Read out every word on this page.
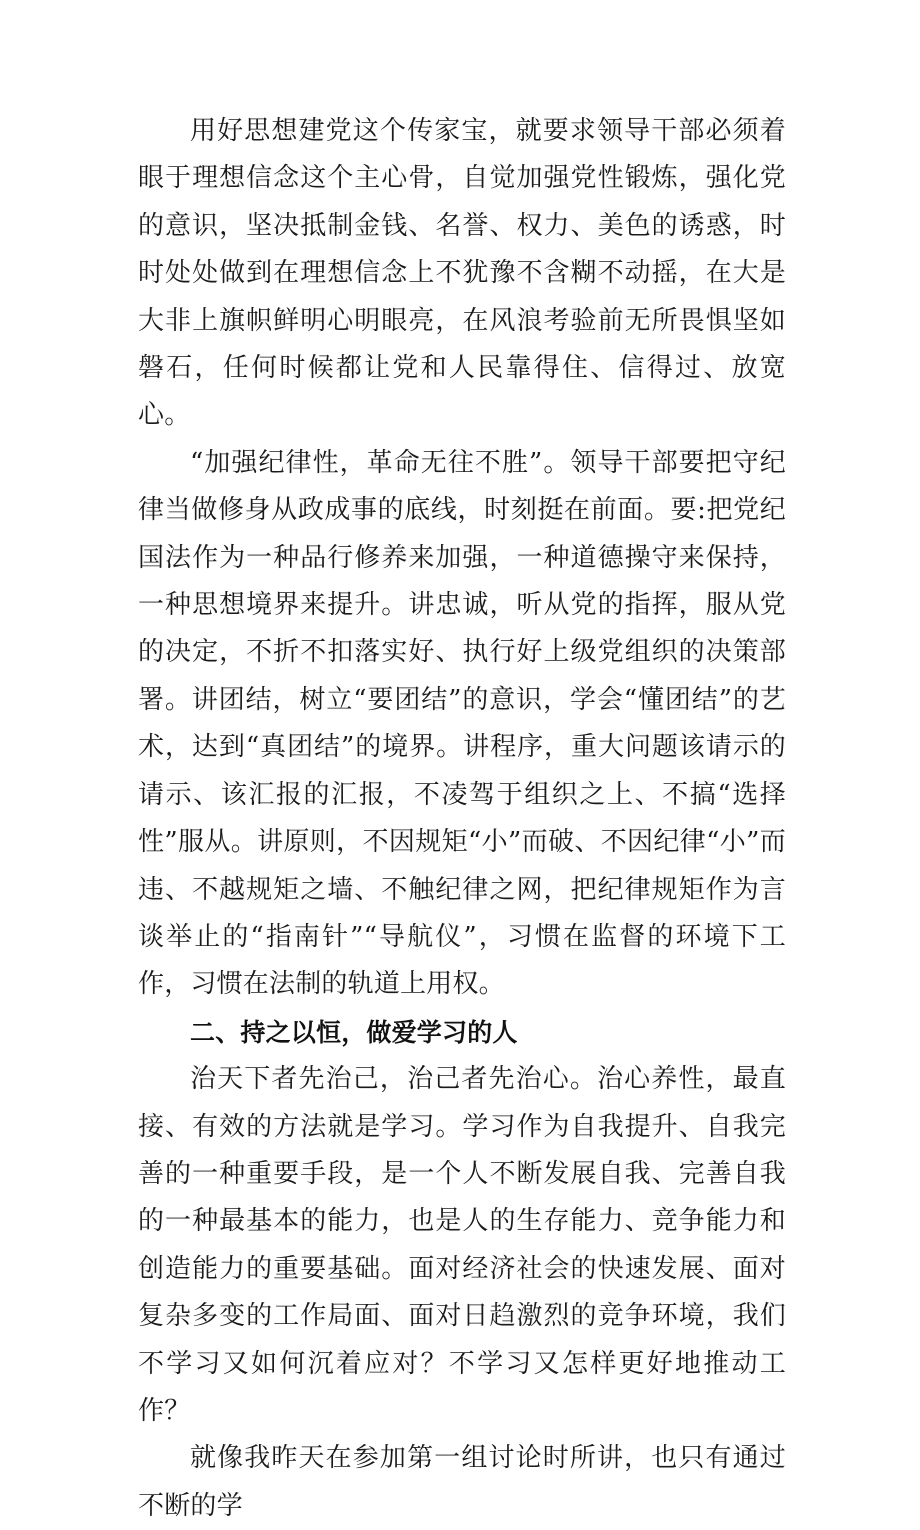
用好思想建党这个传家宝，就要求领导干部必须着眼于理想信念这个主心骨，自觉加强党性锻炼，强化党的意识，坚决抵制金钱、名誉、权力、美色的诱惑，时时处处做到在理想信念上不犹豫不含糊不动摇，在大是大非上旗帜鲜明心明眼亮，在风浪考验前无所畏惧坚如磐石，任何时候都让党和人民靠得住、信得过、放宽心。

“加强纪律性，革命无往不胜”。领导干部要把守纪律当做修身从政成事的底线，时刻挺在前面。要:把党纪国法作为一种品行修养来加强，一种道德操守来保持，一种思想境界来提升。讲忠诚，听从党的指挥，服从党的决定，不折不扣落实好、执行好上级党组织的决策部署。讲团结，树立“要团结”的意识，学会“懂团结”的艺术，达到“真团结”的境界。讲程序，重大问题该请示的请示、该汇报的汇报，不凌驾于组织之上、不搞“选择性”服从。讲原则，不因规矩“小”而破、不因纪律“小”而违、不越规矩之墙、不触纪律之网，把纪律规矩作为言谈举止的“指南针”“导航仪”，习惯在监督的环境下工作，习惯在法制的轨道上用权。

二、持之以恒，做爱学习的人

治天下者先治己，治己者先治心。治心养性，最直接、有效的方法就是学习。学习作为自我提升、自我完善的一种重要手段，是一个人不断发展自我、完善自我的一种最基本的能力，也是人的生存能力、竞争能力和创造能力的重要基础。面对经济社会的快速发展、面对复杂多变的工作局面、面对日趋激烈的竞争环境，我们不学习又如何沉着应对？不学习又怎样更好地推动工作？

就像我昨天在参加第一组讨论时所讲，也只有通过不断的学
